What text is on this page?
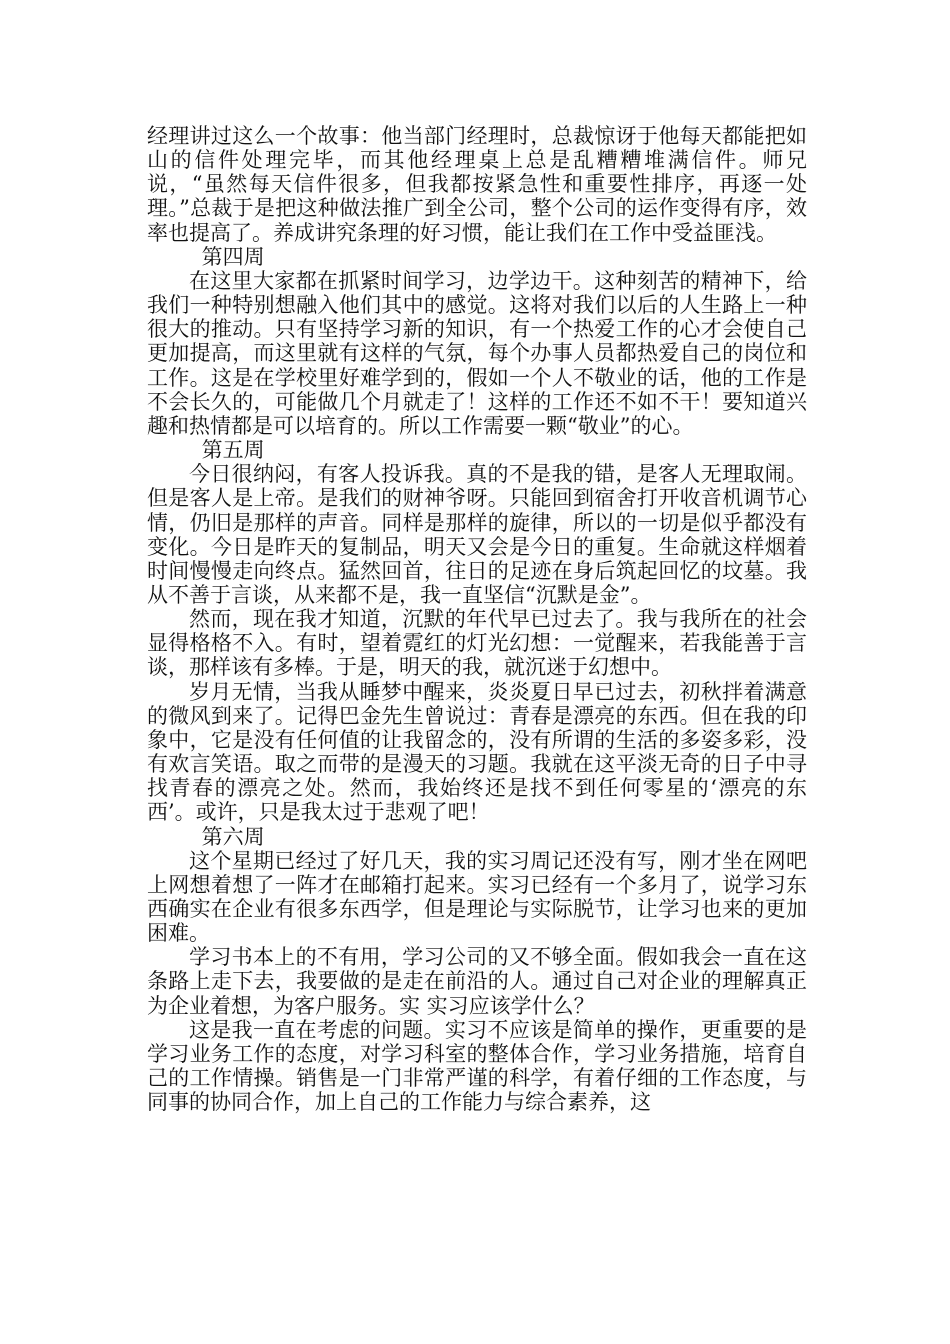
经理讲过这么一个故事：他当部门经理时，总裁惊讶于他每天都能把如山的信件处理完毕，而其他经理桌上总是乱糟糟堆满信件。师兄说，“虽然每天信件很多，但我都按紧急性和重要性排序，再逐一处理。”总裁于是把这种做法推广到全公司，整个公司的运作变得有序，效率也提高了。养成讲究条理的好习惯，能让我们在工作中受益匪浅。

第四周

在这里大家都在抓紧时间学习，边学边干。这种刻苦的精神下，给我们一种特别想融入他们其中的感觉。这将对我们以后的人生路上一种很大的推动。只有坚持学习新的知识，有一个热爱工作的心才会使自己更加提高，而这里就有这样的气氛，每个办事人员都热爱自己的岗位和工作。这是在学校里好难学到的，假如一个人不敬业的话，他的工作是不会长久的，可能做几个月就走了！这样的工作还不如不干！要知道兴趣和热情都是可以培育的。所以工作需要一颗“敬业”的心。

第五周

今日很纳闷，有客人投诉我。真的不是我的错，是客人无理取闹。但是客人是上帝。是我们的财神爷呀。只能回到宿舍打开收音机调节心情，仍旧是那样的声音。同样是那样的旋律，所以的一切是似乎都没有变化。今日是昨天的复制品，明天又会是今日的重复。生命就这样烟着时间慢慢走向终点。猛然回首，往日的足迹在身后筑起回忆的坟墓。我从不善于言谈，从来都不是，我一直坚信“沉默是金”。

然而，现在我才知道，沉默的年代早已过去了。我与我所在的社会显得格格不入。有时，望着霓红的灯光幻想：一觉醒来，若我能善于言谈，那样该有多棒。于是，明天的我，就沉迷于幻想中。

岁月无情，当我从睡梦中醒来，炎炎夏日早已过去，初秋拌着满意的微风到来了。记得巴金先生曾说过：青春是漂亮的东西。但在我的印象中，它是没有任何值的让我留念的，没有所谓的生活的多姿多彩，没有欢言笑语。取之而带的是漫天的习题。我就在这平淡无奇的日子中寻找青春的漂亮之处。然而，我始终还是找不到任何零星的‘漂亮的东西’。或许，只是我太过于悲观了吧！

第六周

这个星期已经过了好几天，我的实习周记还没有写，刚才坐在网吧上网想着想了一阵才在邮箱打起来。实习已经有一个多月了，说学习东西确实在企业有很多东西学，但是理论与实际脱节，让学习也来的更加困难。

学习书本上的不有用，学习公司的又不够全面。假如我会一直在这条路上走下去，我要做的是走在前沿的人。通过自己对企业的理解真正为企业着想，为客户服务。实 实习应该学什么？

这是我一直在考虑的问题。实习不应该是简单的操作，更重要的是学习业务工作的态度，对学习科室的整体合作，学习业务措施，培育自己的工作情操。销售是一门非常严谨的科学，有着仔细的工作态度，与同事的协同合作，加上自己的工作能力与综合素养，这
